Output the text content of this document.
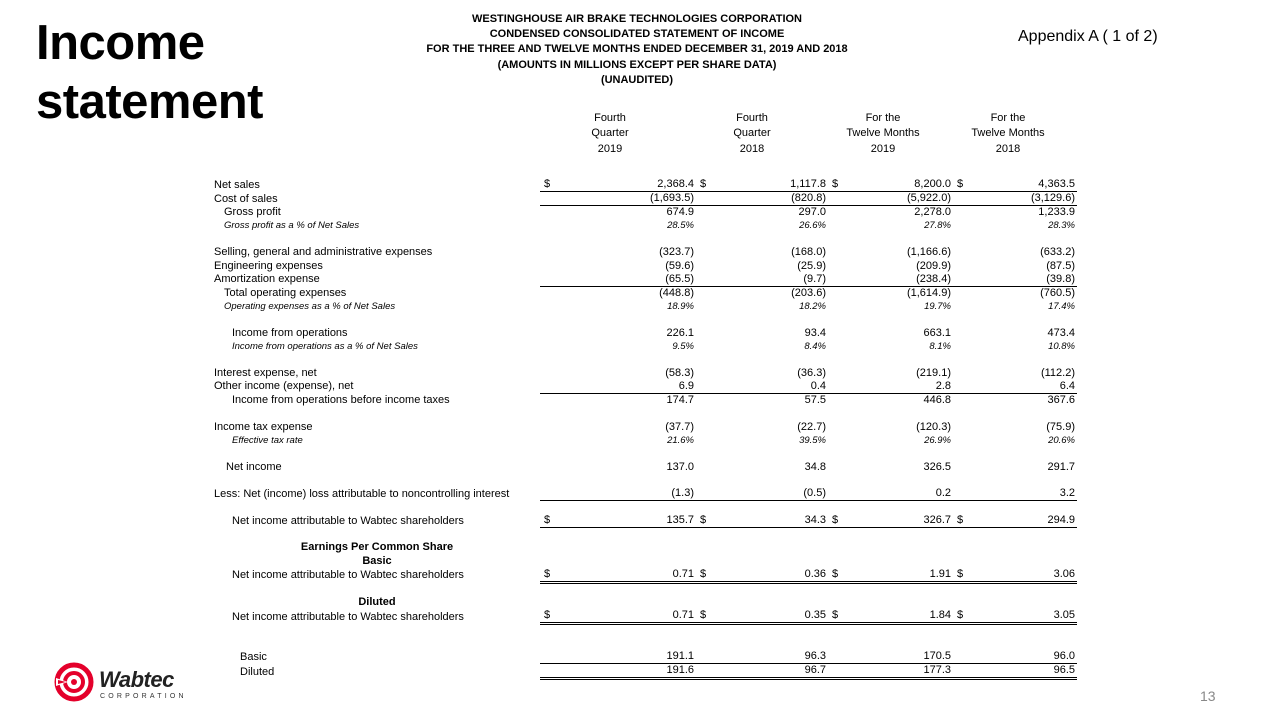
Income
statement
WESTINGHOUSE AIR BRAKE TECHNOLOGIES CORPORATION
CONDENSED CONSOLIDATED STATEMENT OF INCOME
FOR THE THREE AND TWELVE MONTHS ENDED DECEMBER 31, 2019 AND 2018
(AMOUNTS IN MILLIONS EXCEPT PER SHARE DATA)
(UNAUDITED)
Appendix A ( 1 of 2)
Fourth
Quarter
2019
Fourth
Quarter
2018
For the
Twelve Months
2019
For the
Twelve Months
2018
Net sales	$	2,368.4	$	1,117.8	$	8,200.0	$	4,363.5
Cost of sales		(1,693.5)		(820.8)		(5,922.0)		(3,129.6)
Gross profit		674.9		297.0		2,278.0		1,233.9
Gross profit as a % of Net Sales		28.5%		26.6%		27.8%		28.3%

Selling, general and administrative expenses		(323.7)		(168.0)		(1,166.6)		(633.2)
Engineering expenses		(59.6)		(25.9)		(209.9)		(87.5)
Amortization expense		(65.5)		(9.7)		(238.4)		(39.8)
Total operating expenses		(448.8)		(203.6)		(1,614.9)		(760.5)
Operating expenses as a % of Net Sales		18.9%		18.2%		19.7%		17.4%

Income from operations		226.1		93.4		663.1		473.4
Income from operations as a % of Net Sales		9.5%		8.4%		8.1%		10.8%

Interest expense, net		(58.3)		(36.3)		(219.1)		(112.2)
Other income (expense), net		6.9		0.4		2.8		6.4
Income from operations before income taxes		174.7		57.5		446.8		367.6

Income tax expense		(37.7)		(22.7)		(120.3)		(75.9)
Effective tax rate		21.6%		39.5%		26.9%		20.6%

Net income		137.0		34.8		326.5		291.7

Less: Net (income) loss attributable to noncontrolling interest		(1.3)		(0.5)		0.2		3.2

Net income attributable to Wabtec shareholders	$	135.7	$	34.3	$	326.7	$	294.9

Earnings Per Common Share								
Basic								
Net income attributable to Wabtec shareholders	$	0.71	$	0.36	$	1.91	$	3.06

Diluted								
Net income attributable to Wabtec shareholders	$	0.71	$	0.35	$	1.84	$	3.05

Basic		191.1		96.3		170.5		96.0
Diluted		191.6		96.7		177.3		96.5
Wabtec
CORPORATION	13
